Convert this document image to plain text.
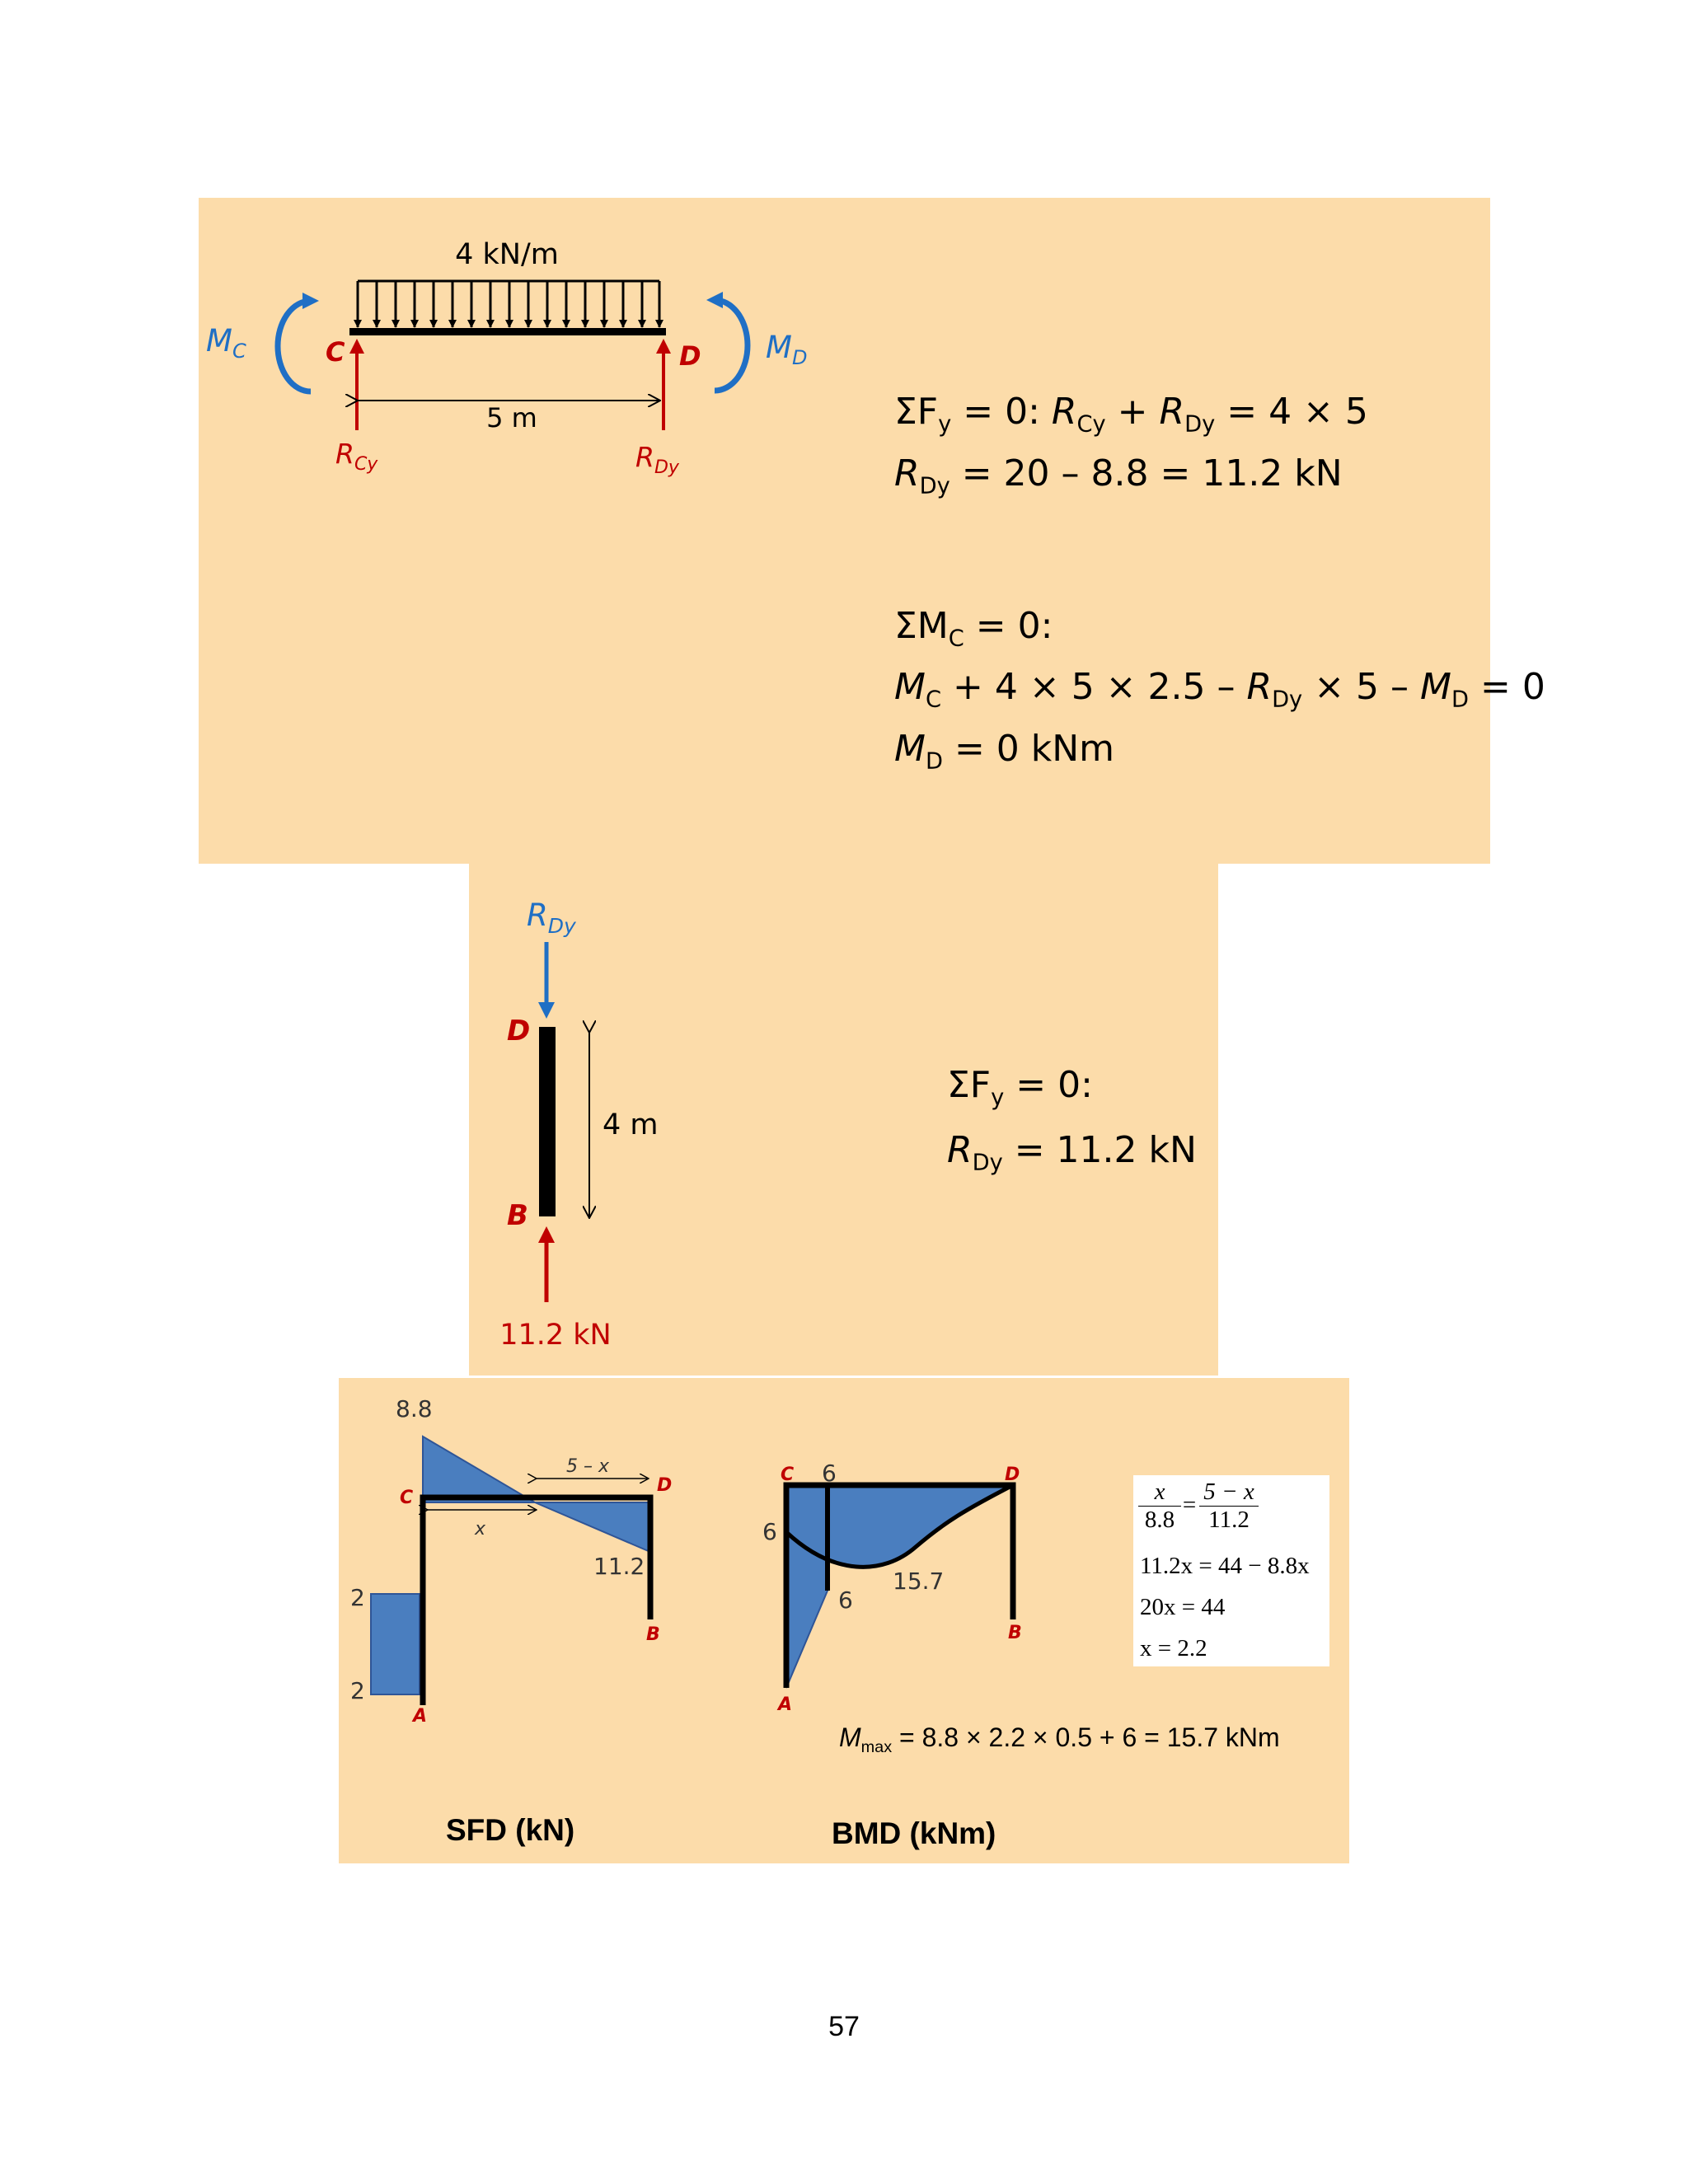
4 kN/m
5 m
C	D
$M_C$	$M_D$
$R_{Cy}$	$R_{Dy}$
$\Sigma F_y = 0$: $R_{Cy} + R_{Dy} = 4 \times 5$
$R_{Dy} = 20 - 8.8 = 11.2$ kN
$\Sigma M_C = 0$:
$M_C + 4 \times 5 \times 2.5 - R_{Dy} \times 5 - M_D = 0$
$M_D = 0$ kNm
$R_{Dy}$
D
B
4 m
11.2 kN
$\Sigma F_y = 0$:
$R_{Dy} = 11.2$ kN
8.8
11.2
2
2
x
5 – x
C
D
A
B
6
6
6
15.7
C	D
A
B
$\frac{x}{8.8} = \frac{5 - x}{11.2}$
11.2x = 44 − 8.8x
20x = 44
x = 2.2
$M_{max} = 8.8 \times 2.2 \times 0.5 + 6 = 15.7$ kNm
SFD (kN)	BMD (kNm)
57
